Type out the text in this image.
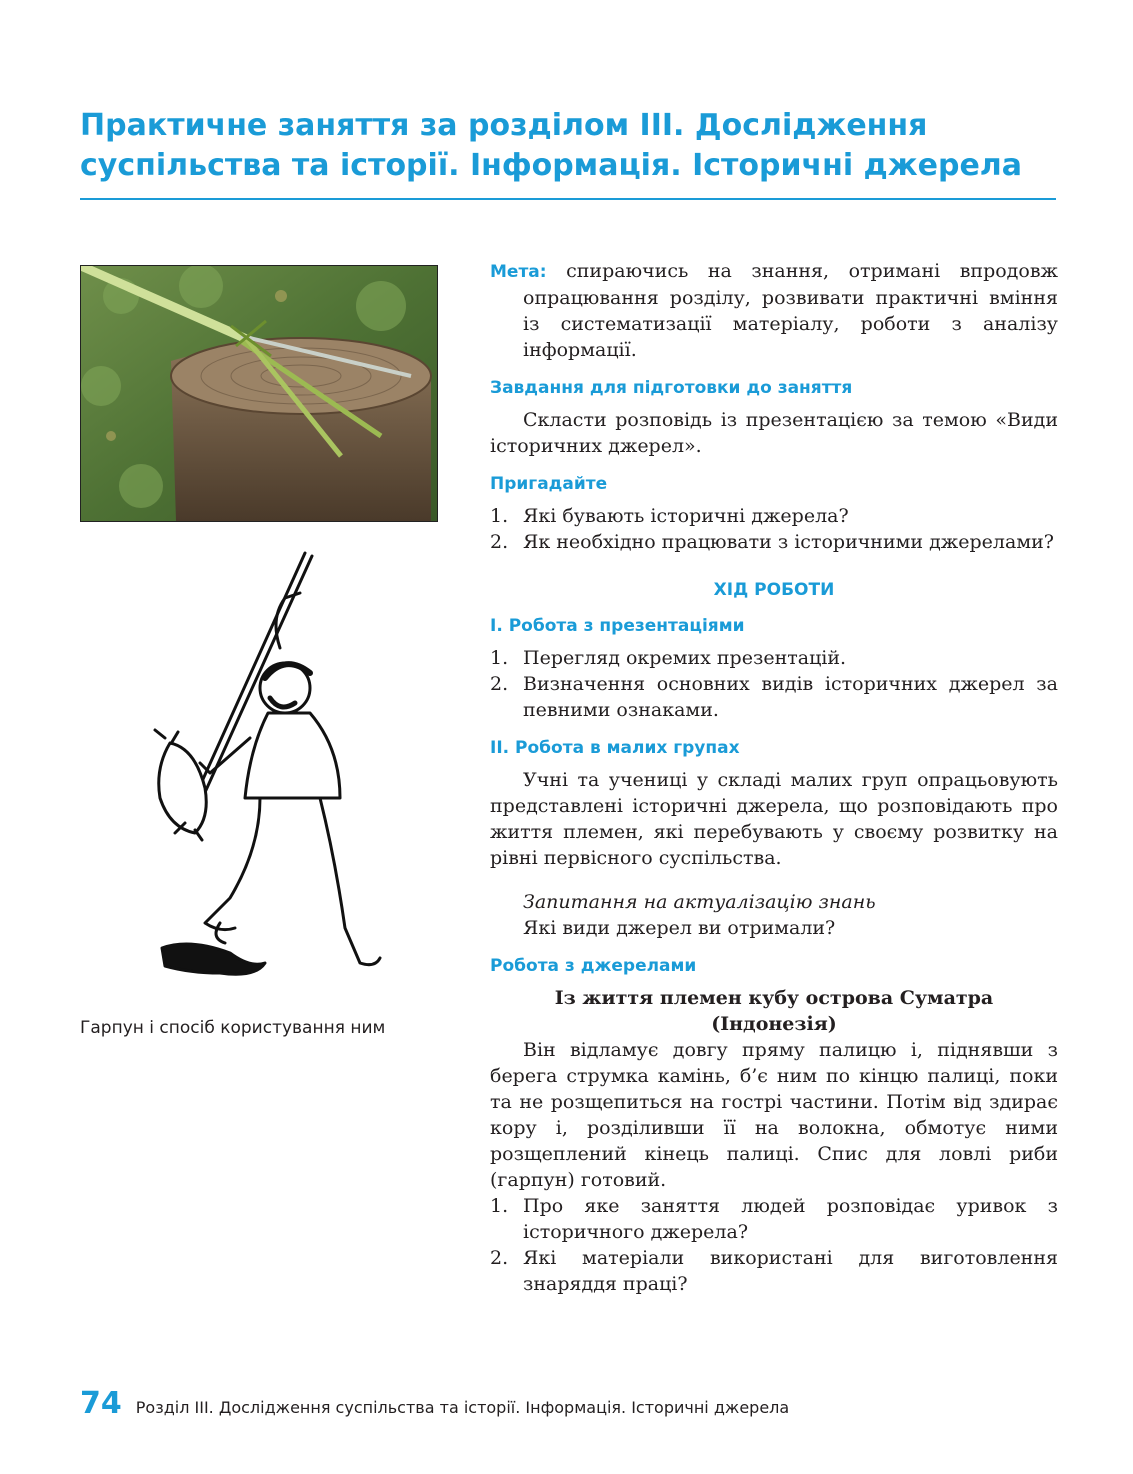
Практичне заняття за розділом ІІІ. Дослідження суспільства та історії. Інформація. Історичні джерела
Гарпун і спосіб користування ним

Мета: спираючись на знання, отримані впродовж опрацювання розділу, розвивати практичні вміння із систематизації матеріалу, роботи з аналізу інформації.

Завдання для підготовки до заняття

Скласти розповідь із презентацією за темою «Види історичних джерел».

Пригадайте
1. Які бувають історичні джерела?
2. Як необхідно працювати з історичними джерелами?
ХІД РОБОТИ
І. Робота з презентаціями
1. Перегляд окремих презентацій.
2. Визначення основних видів історичних джерел за певними ознаками.
ІІ. Робота в малих групах

Учні та учениці у складі малих груп опрацьовують представлені історичні джерела, що розповідають про життя племен, які перебувають у своєму розвитку на рівні первісного суспільства.

Запитання на актуалізацію знань

Які види джерел ви отримали?

Робота з джерелами

Із життя племен кубу острова Суматра (Індонезія)

Він відламує довгу пряму палицю і, піднявши з берега струмка камінь, б’є ним по кінцю палиці, поки та не розщепиться на гострі частини. Потім від здирає кору і, розділивши її на волокна, обмотує ними розщеплений кінець палиці. Спис для ловлі риби (гарпун) готовий.

1. Про яке заняття людей розповідає уривок з історичного джерела?
2. Які матеріали використані для виготовлення знаряддя праці?
74 Розділ ІІІ. Дослідження суспільства та історії. Інформація. Історичні джерела
